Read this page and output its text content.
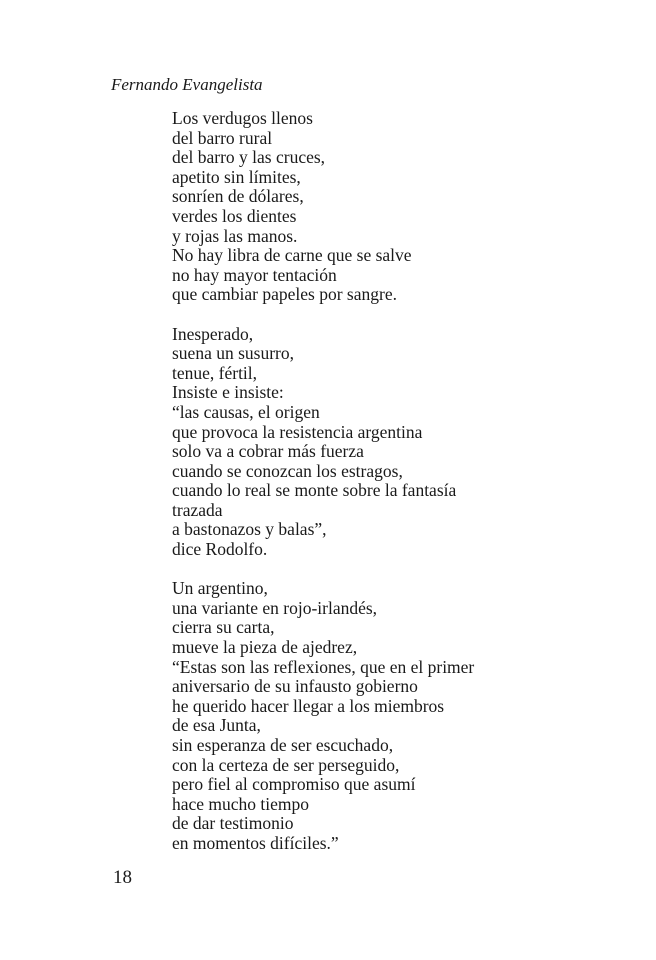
Fernando Evangelista
Los verdugos llenos
del barro rural
del barro y las cruces,
apetito sin límites,
sonríen de dólares,
verdes los dientes
y rojas las manos.
No hay libra de carne que se salve
no hay mayor tentación
que cambiar papeles por sangre.
Inesperado,
suena un susurro,
tenue, fértil,
Insiste e insiste:
“las causas, el origen
que provoca la resistencia argentina
solo va a cobrar más fuerza
cuando se conozcan los estragos,
cuando lo real se monte sobre la fantasía
trazada
a bastonazos y balas”,
dice Rodolfo.
Un argentino,
una variante en rojo-irlandés,
cierra su carta,
mueve la pieza de ajedrez,
“Estas son las reflexiones, que en el primer
aniversario de su infausto gobierno
he querido hacer llegar a los miembros
de esa Junta,
sin esperanza de ser escuchado,
con la certeza de ser perseguido,
pero fiel al compromiso que asumí
hace mucho tiempo
de dar testimonio
en momentos difíciles.”
18
